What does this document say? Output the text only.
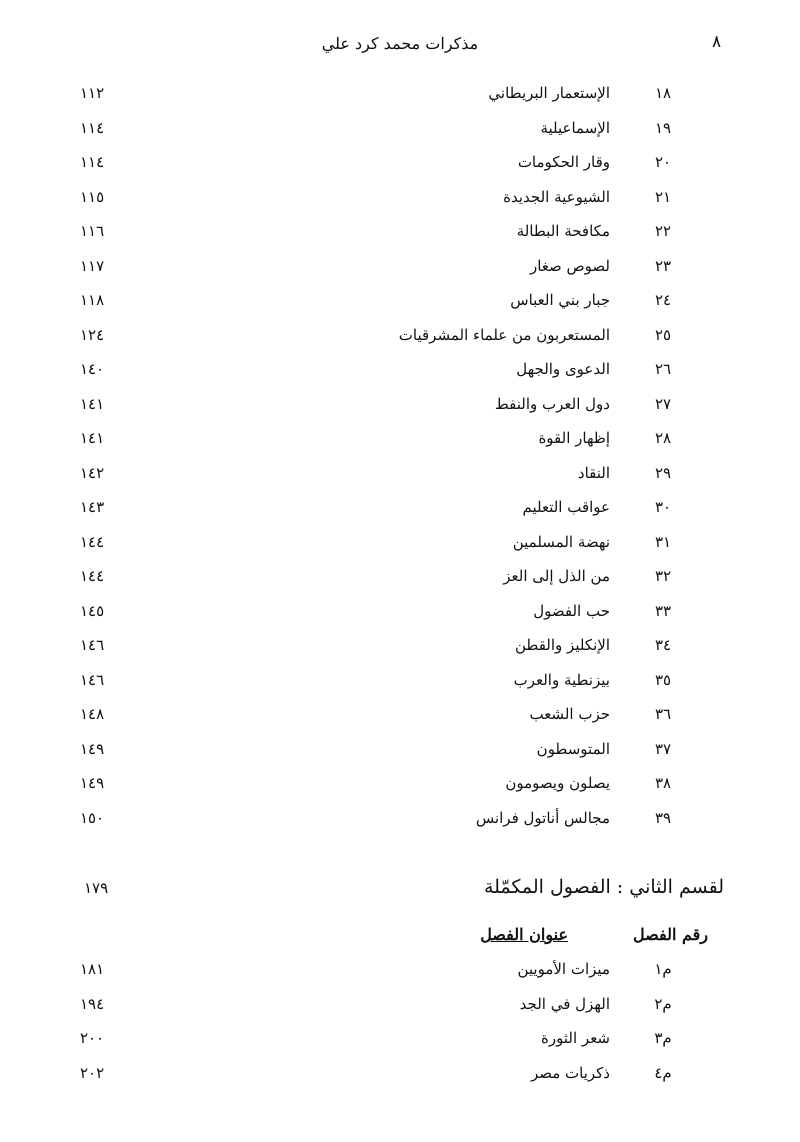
٨
مذكرات محمد كرد علي
١٨
الإستعمار البريطاني
١١٢
١٩
الإسماعيلية
١١٤
٢٠
وقار الحكومات
١١٤
٢١
الشيوعية الجديدة
١١٥
٢٢
مكافحة البطالة
١١٦
٢٣
لصوص صغار
١١٧
٢٤
جبار بني العباس
١١٨
٢٥
المستعربون من علماء المشرقيات
١٢٤
٢٦
الدعوى والجهل
١٤٠
٢٧
دول العرب والنفط
١٤١
٢٨
إظهار القوة
١٤١
٢٩
النقاد
١٤٢
٣٠
عواقب التعليم
١٤٣
٣١
نهضة المسلمين
١٤٤
٣٢
من الذل إلى العز
١٤٤
٣٣
حب الفضول
١٤٥
٣٤
الإنكليز والقطن
١٤٦
٣٥
بيزنطية والعرب
١٤٦
٣٦
حزب الشعب
١٤٨
٣٧
المتوسطون
١٤٩
٣٨
يصلون ويصومون
١٤٩
٣٩
مجالس أناتول فرانس
١٥٠
لقسم الثاني : الفصول المكمّلة
١٧٩
رقم الفصل
عنوان الفصل
م١
ميزات الأمويين
١٨١
م٢
الهزل في الجد
١٩٤
م٣
شعر الثورة
٢٠٠
م٤
ذكريات مصر
٢٠٢
